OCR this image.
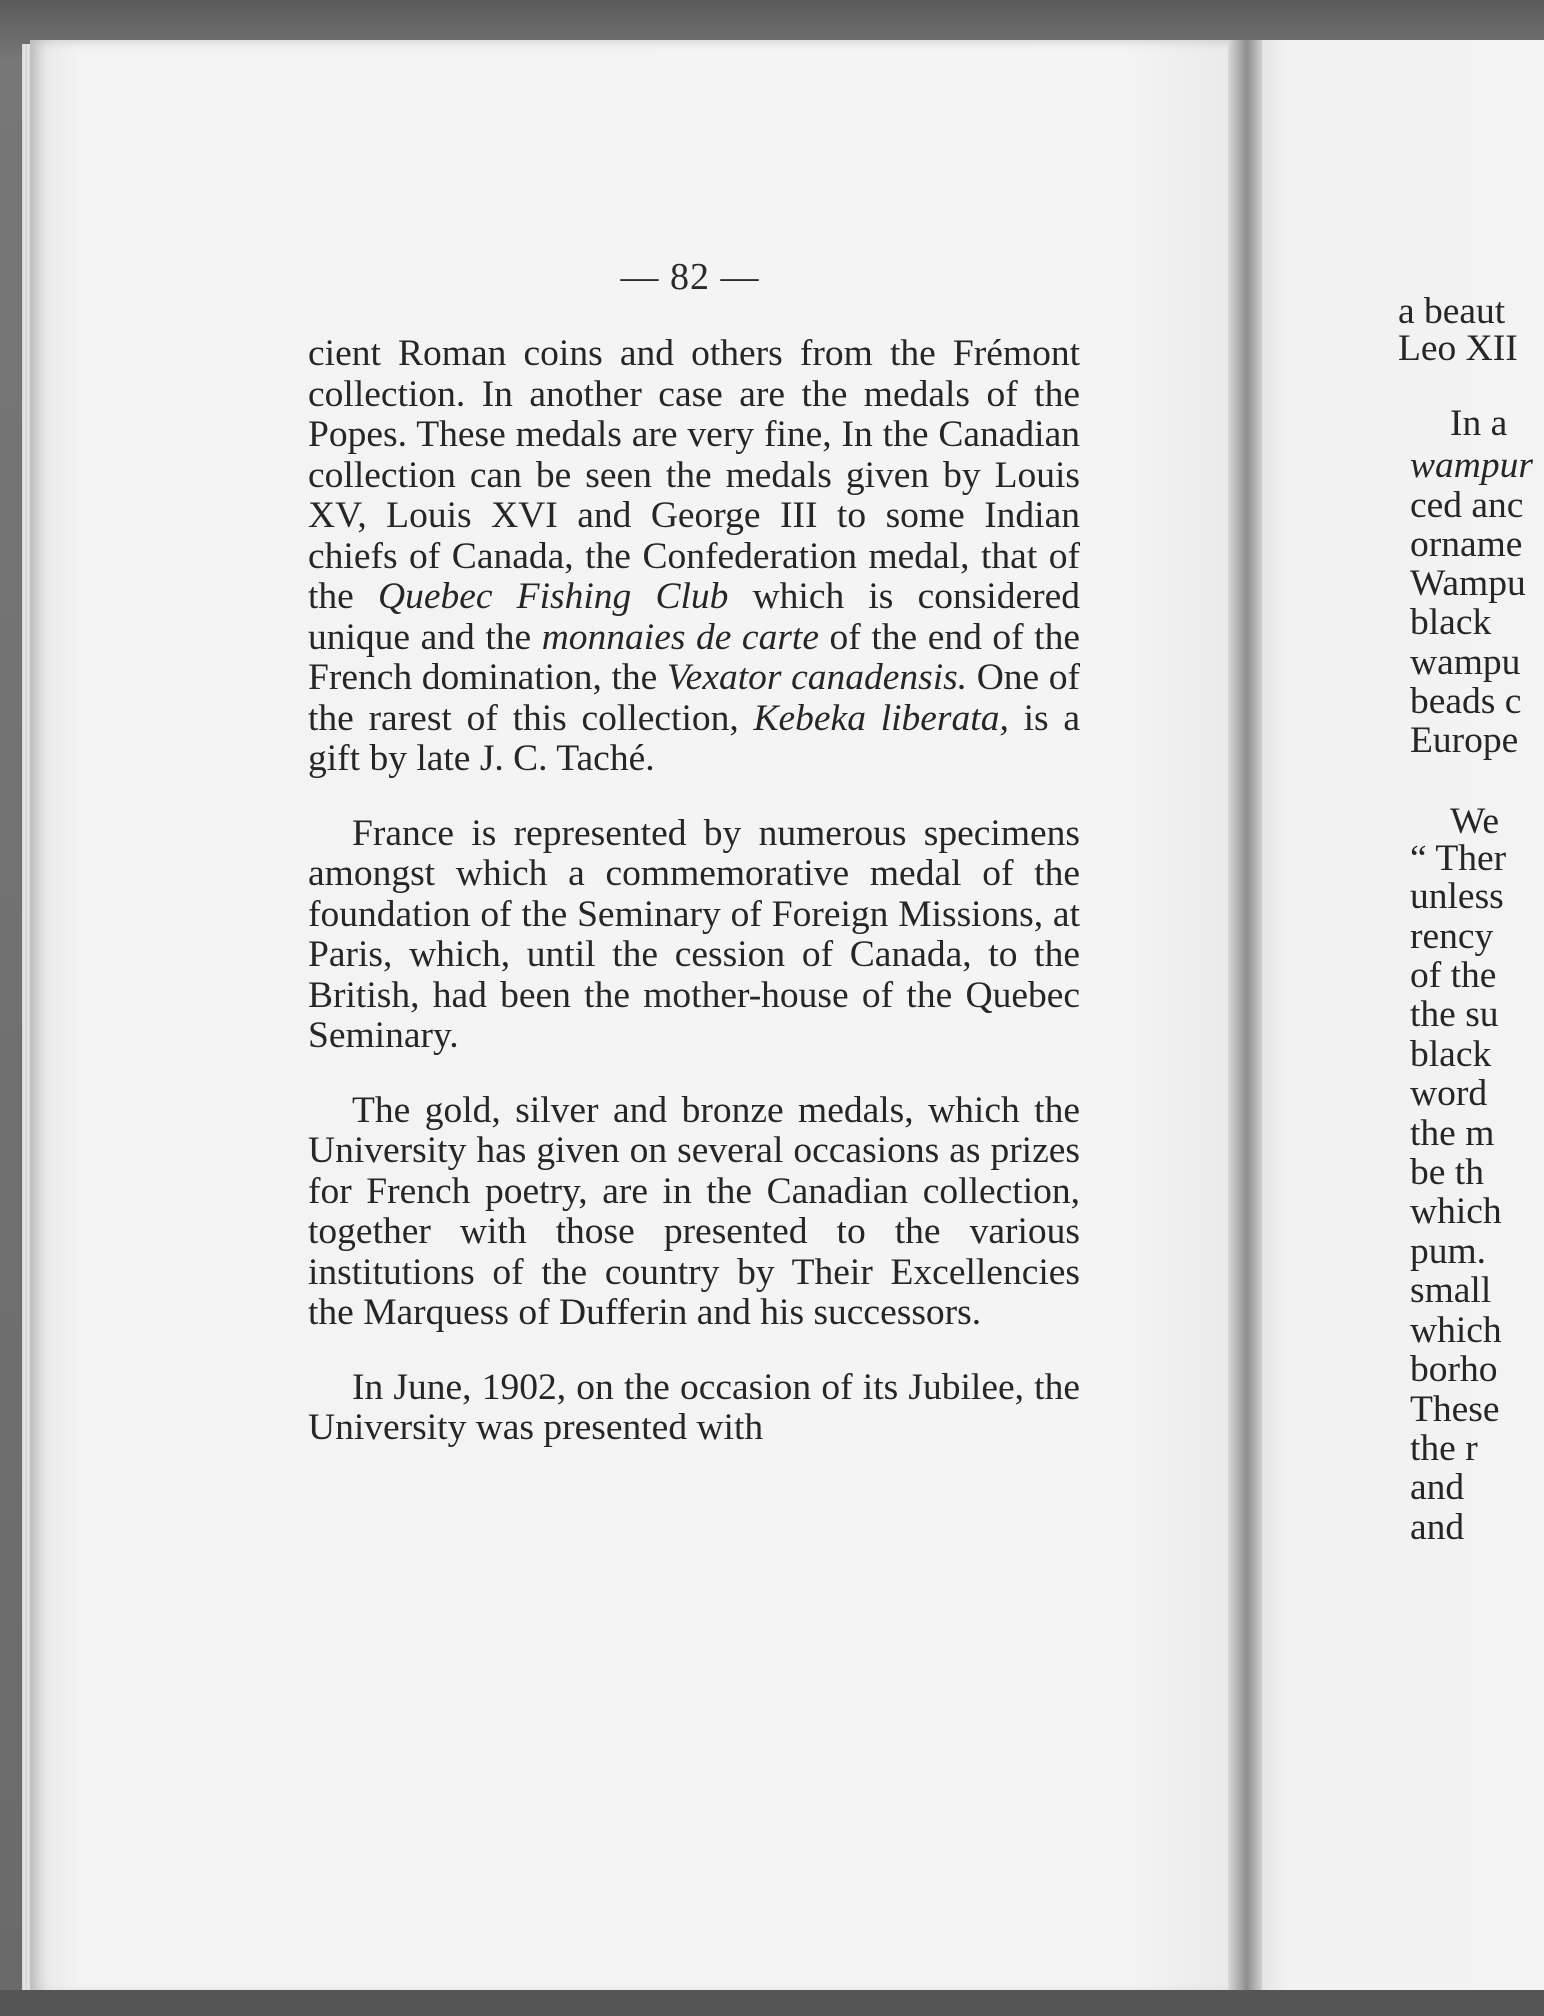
— 82 —

cient Roman coins and others from the Frémont collection. In another case are the medals of the Popes. These medals are very fine, In the Canadian collection can be seen the medals given by Louis XV, Louis XVI and George III to some Indian chiefs of Canada, the Confederation medal, that of the Quebec Fishing Club which is considered unique and the monnaies de carte of the end of the French domination, the Vexator canadensis. One of the rarest of this collection, Kebeka liberata, is a gift by late J. C. Taché.

France is represented by numerous specimens amongst which a commemorative medal of the foundation of the Seminary of Foreign Missions, at Paris, which, until the cession of Canada, to the British, had been the mother-house of the Quebec Seminary.

The gold, silver and bronze medals, which the University has given on several occasions as prizes for French poetry, are in the Canadian collection, together with those presented to the various institutions of the country by Their Excellencies the Marquess of Dufferin and his successors.

In June, 1902, on the occasion of its Jubilee, the University was presented with

a beaut
Leo XII
In a
wampur
ced anc
orname
Wampu
black
wampu
beads c
Europe
We
“ Ther
unless
rency
of the
the su
black
word
the m
be th
which
pum.
small
which
borho
These
the r
and
and
